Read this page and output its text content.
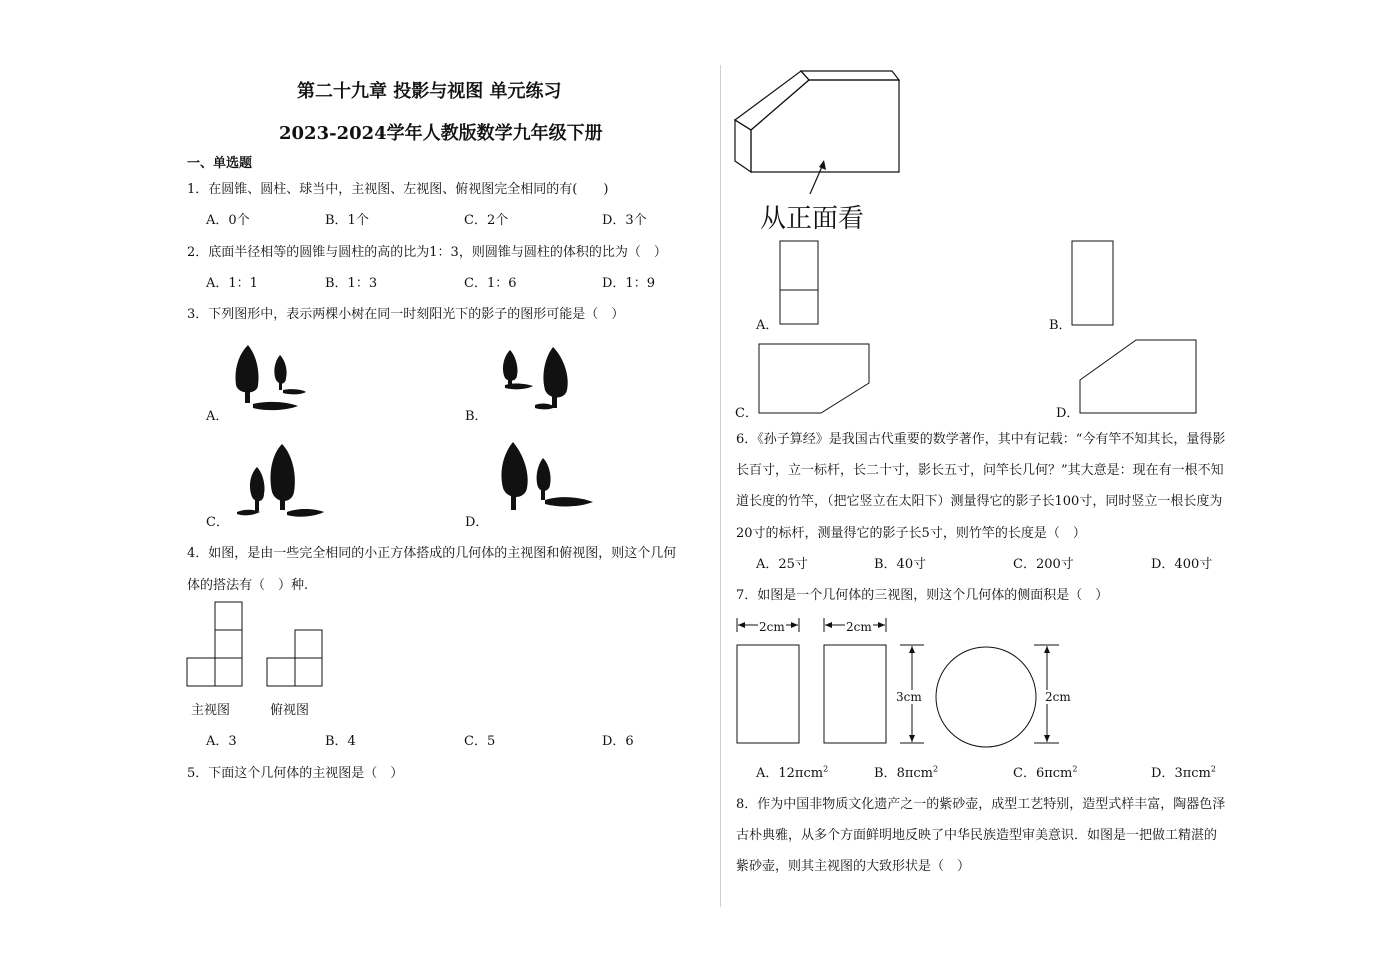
第二十九章 投影与视图 单元练习
2023-2024学年人教版数学九年级下册
一、单选题
1．在圆锥、圆柱、球当中，主视图、左视图、俯视图完全相同的有(　　)
A．0个	B．1个	C．2个	D．3个
2．底面半径相等的圆锥与圆柱的高的比为1：3，则圆锥与圆柱的体积的比为（　）
A．1：1	B．1：3	C．1：6	D．1：9
3．下列图形中，表示两棵小树在同一时刻阳光下的影子的图形可能是（　）
A．	B．
C．	D．
4．如图，是由一些完全相同的小正方体搭成的几何体的主视图和俯视图，则这个几何
体的搭法有（　）种.
主视图	俯视图
A．3	B．4	C．5	D．6
5．下面这个几何体的主视图是（　）
从正面看
A．	B．
C．	D．
6．《孙子算经》是我国古代重要的数学著作，其中有记载：“今有竿不知其长，量得影
长百寸，立一标杆，长二十寸，影长五寸，问竿长几何？”其大意是：现在有一根不知
道长度的竹竿，（把它竖立在太阳下）测量得它的影子长100寸，同时竖立一根长度为
20寸的标杆，测量得它的影子长5寸，则竹竿的长度是（　）
A．25寸	B．40寸	C．200寸	D．400寸
7．如图是一个几何体的三视图，则这个几何体的侧面积是（　）
2cm	2cm
3cm	2cm
A．12πcm$^2$	B．8πcm$^2$	C．6πcm$^2$	D．3πcm$^2$
8．作为中国非物质文化遗产之一的紫砂壶，成型工艺特别，造型式样丰富，陶器色泽
古朴典雅，从多个方面鲜明地反映了中华民族造型审美意识．如图是一把做工精湛的
紫砂壶，则其主视图的大致形状是（　）
